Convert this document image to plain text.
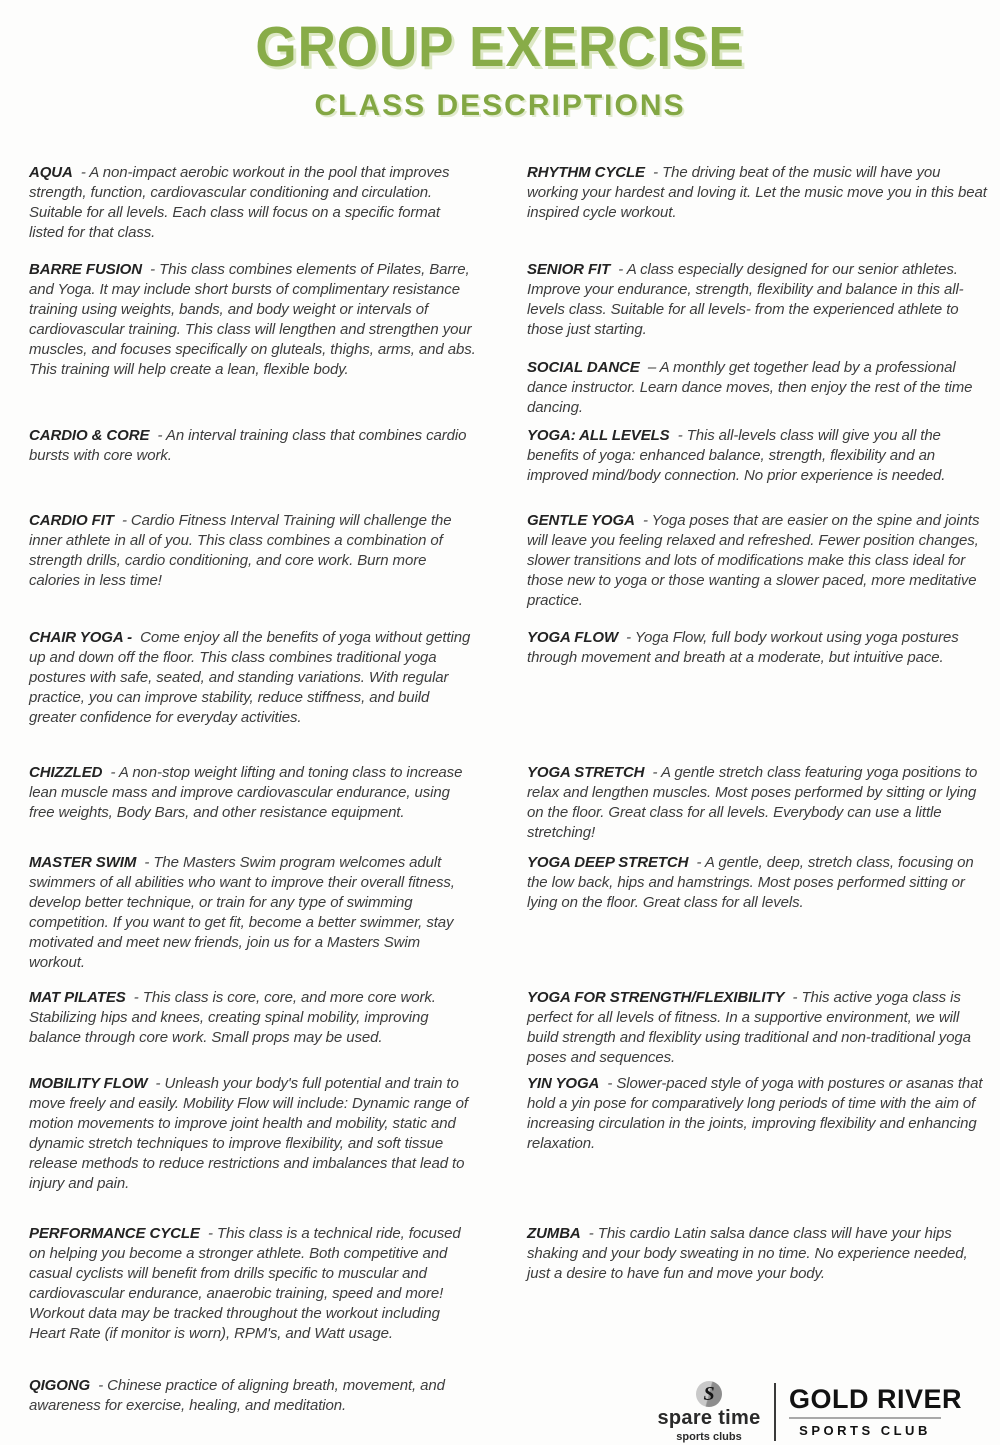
GROUP EXERCISE
CLASS DESCRIPTIONS

AQUA  - A non-impact aerobic workout in the pool that improves strength, function, cardiovascular conditioning and circulation. Suitable for all levels. Each class will focus on a specific format listed for that class.

BARRE FUSION  - This class combines elements of Pilates, Barre, and Yoga. It may include short bursts of complimentary resistance training using weights, bands, and body weight or intervals of cardiovascular training. This class will lengthen and strengthen your muscles, and focuses specifically on gluteals, thighs, arms, and abs. This training will help create a lean, flexible body.

CARDIO & CORE  - An interval training class that combines cardio bursts with core work.

CARDIO FIT  - Cardio Fitness Interval Training will challenge the inner athlete in all of you. This class combines a combination of strength drills, cardio conditioning, and core work. Burn more calories in less time!

CHAIR YOGA -  Come enjoy all the benefits of yoga without getting up and down off the floor. This class combines traditional yoga postures with safe, seated, and standing variations. With regular practice, you can improve stability, reduce stiffness, and build greater confidence for everyday activities.

CHIZZLED  - A non-stop weight lifting and toning class to increase lean muscle mass and improve cardiovascular endurance, using free weights, Body Bars, and other resistance equipment.

MASTER SWIM  - The Masters Swim program welcomes adult swimmers of all abilities who want to improve their overall fitness, develop better technique, or train for any type of swimming competition. If you want to get fit, become a better swimmer, stay motivated and meet new friends, join us for a Masters Swim workout.

MAT PILATES  - This class is core, core, and more core work. Stabilizing hips and knees, creating spinal mobility, improving balance through core work. Small props may be used.

MOBILITY FLOW  - Unleash your body's full potential and train to move freely and easily. Mobility Flow will include: Dynamic range of motion movements to improve joint health and mobility, static and dynamic stretch techniques to improve flexibility, and soft tissue release methods to reduce restrictions and imbalances that lead to injury and pain.

PERFORMANCE CYCLE  - This class is a technical ride, focused on helping you become a stronger athlete. Both competitive and casual cyclists will benefit from drills specific to muscular and cardiovascular endurance, anaerobic training, speed and more! Workout data may be tracked throughout the workout including Heart Rate (if monitor is worn), RPM's, and Watt usage.

QIGONG  - Chinese practice of aligning breath, movement, and awareness for exercise, healing, and meditation.

RHYTHM CYCLE  - The driving beat of the music will have you working your hardest and loving it. Let the music move you in this beat inspired cycle workout.

SENIOR FIT  - A class especially designed for our senior athletes. Improve your endurance, strength, flexibility and balance in this all-levels class. Suitable for all levels- from the experienced athlete to those just starting.

SOCIAL DANCE  – A monthly get together lead by a professional dance instructor. Learn dance moves, then enjoy the rest of the time dancing.

YOGA: ALL LEVELS  - This all-levels class will give you all the benefits of yoga: enhanced balance, strength, flexibility and an improved mind/body connection. No prior experience is needed.

GENTLE YOGA  - Yoga poses that are easier on the spine and joints will leave you feeling relaxed and refreshed. Fewer position changes, slower transitions and lots of modifications make this class ideal for those new to yoga or those wanting a slower paced, more meditative practice.

YOGA FLOW  - Yoga Flow, full body workout using yoga postures through movement and breath at a moderate, but intuitive pace.

YOGA STRETCH  - A gentle stretch class featuring yoga positions to relax and lengthen muscles. Most poses performed by sitting or lying on the floor. Great class for all levels. Everybody can use a little stretching!

YOGA DEEP STRETCH  - A gentle, deep, stretch class, focusing on the low back, hips and hamstrings. Most poses performed sitting or lying on the floor. Great class for all levels.

YOGA FOR STRENGTH/FLEXIBILITY  - This active yoga class is perfect for all levels of fitness. In a supportive environment, we will build strength and flexiblity using traditional and non-traditional yoga poses and sequences.

YIN YOGA  - Slower-paced style of yoga with postures or asanas that hold a yin pose for comparatively long periods of time with the aim of increasing circulation in the joints, improving flexibility and enhancing relaxation.

ZUMBA  - This cardio Latin salsa dance class will have your hips shaking and your body sweating in no time. No experience needed, just a desire to have fun and move your body.

S
spare time
sports clubs
GOLD RIVER
SPORTS CLUB
